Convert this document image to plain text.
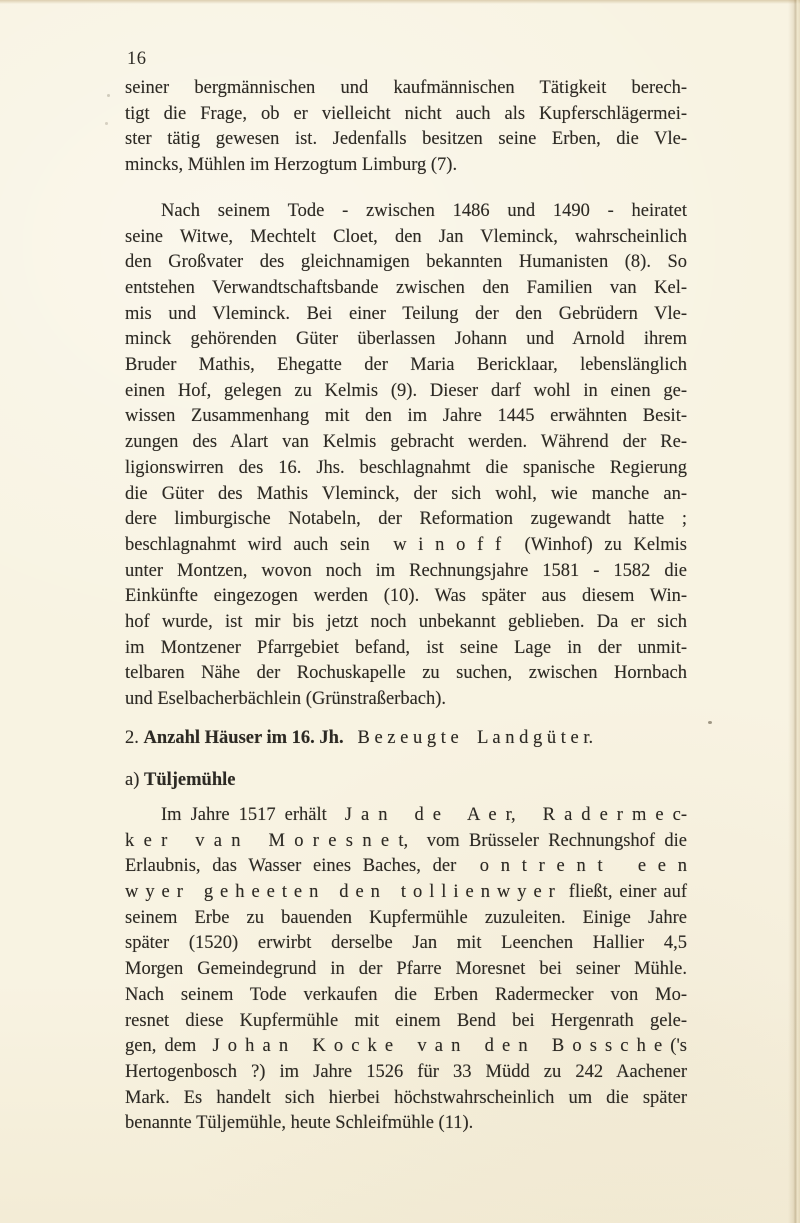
16
seiner bergmännischen und kaufmännischen Tätigkeit berech-
tigt die Frage, ob er vielleicht nicht auch als Kupferschlägermei-
ster tätig gewesen ist. Jedenfalls besitzen seine Erben, die Vle-
mincks, Mühlen im Herzogtum Limburg (7).
Nach seinem Tode - zwischen 1486 und 1490 - heiratet
seine Witwe, Mechtelt Cloet, den Jan Vleminck, wahrscheinlich
den Großvater des gleichnamigen bekannten Humanisten (8). So
entstehen Verwandtschaftsbande zwischen den Familien van Kel-
mis und Vleminck. Bei einer Teilung der den Gebrüdern Vle-
minck gehörenden Güter überlassen Johann und Arnold ihrem
Bruder Mathis, Ehegatte der Maria Bericklaar, lebenslänglich
einen Hof, gelegen zu Kelmis (9). Dieser darf wohl in einen ge-
wissen Zusammenhang mit den im Jahre 1445 erwähnten Besit-
zungen des Alart van Kelmis gebracht werden. Während der Re-
ligionswirren des 16. Jhs. beschlagnahmt die spanische Regierung
die Güter des Mathis Vleminck, der sich wohl, wie manche an-
dere limburgische Notabeln, der Reformation zugewandt hatte ;
beschlagnahmt wird auch sein  w i n o f f  (Winhof) zu Kelmis
unter Montzen, wovon noch im Rechnungsjahre 1581 - 1582 die
Einkünfte eingezogen werden (10). Was später aus diesem Win-
hof wurde, ist mir bis jetzt noch unbekannt geblieben. Da er sich
im Montzener Pfarrgebiet befand, ist seine Lage in der unmit-
telbaren Nähe der Rochuskapelle zu suchen, zwischen Hornbach
und Eselbacherbächlein (Grünstraßerbach).
2. Anzahl Häuser im 16. Jh.   B e z e u g t e    L a n d g ü t e r.
a) Tüljemühle
Im Jahre 1517 erhält  J a n   d e   A e r,   R a d e r m e c-
k e r   v a n   M o r e s n e t,  vom Brüsseler Rechnungshof die
Erlaubnis, das Wasser eines Baches, der  o n t r e n t   e e n
w y e r   g e h e e t e n   d e n   t o l l i e n w y e r  fließt, einer auf
seinem Erbe zu bauenden Kupfermühle zuzuleiten. Einige Jahre
später (1520) erwirbt derselbe Jan mit Leenchen Hallier 4,5
Morgen Gemeindegrund in der Pfarre Moresnet bei seiner Mühle.
Nach seinem Tode verkaufen die Erben Radermecker von Mo-
resnet diese Kupfermühle mit einem Bend bei Hergenrath gele-
gen, dem  J o h a n   K o c k e   v a n   d e n   B o s s c h e ('s
Hertogenbosch ?) im Jahre 1526 für 33 Müdd zu 242 Aachener
Mark. Es handelt sich hierbei höchstwahrscheinlich um die später
benannte Tüljemühle, heute Schleifmühle (11).
